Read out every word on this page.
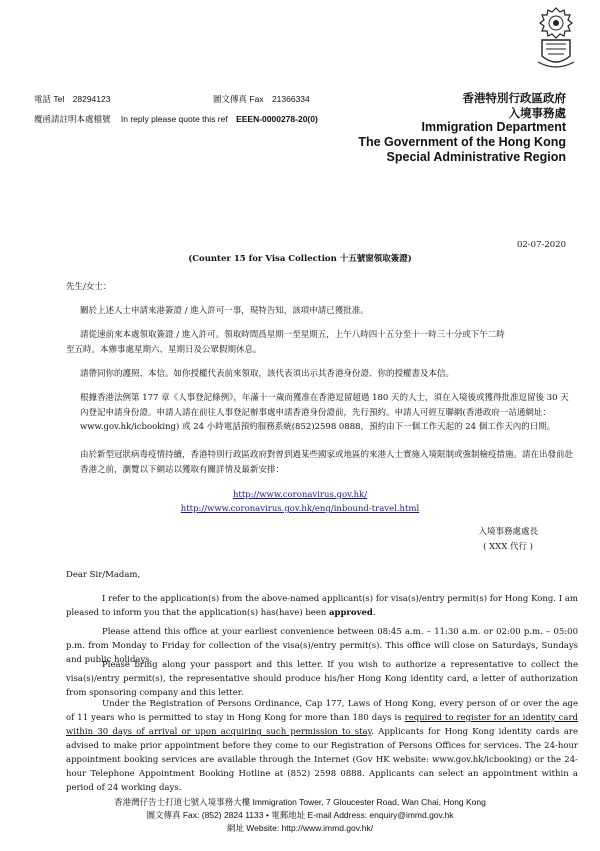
電話 Tel 28294123	圖文傳真 Fax 21366334
覆函請註明本處檔號 In reply please quote this ref EEEN-0000278-20(0)
香港特別行政區政府
入境事務處
Immigration Department
The Government of the Hong Kong
Special Administrative Region
02-07-2020
(Counter 15 for Visa Collection 十五號窗領取簽證)
先生/女士：
關於上述人士申請來港簽證 / 進入許可一事，現特告知，該項申請已獲批准。
請從速前來本處領取簽證 / 進入許可。領取時間爲星期一至星期五，上午八時四十五分至十一時三十分或下午二時
至五時。本辦事處星期六、星期日及公眾假期休息。
請帶同你的護照、本信。如你授權代表前來領取，該代表須出示其香港身份證、你的授權書及本信。
根據香港法例第 177 章《人事登記條例》，年滿十一歲而獲准在香港逗留超過 180 天的人士，須在入境後或獲得批准逗留後 30 天內登記申請身份證。申請人請在前往人事登記辦事處申請香港身份證前，先行預約。申請人可經互聯網(香港政府一站通網址：www.gov.hk/icbooking) 或 24 小時電話預約服務系統(852)2598 0888，預約由下一個工作天起的 24 個工作天內的日期。
由於新型冠狀病毒疫情持續，香港特別行政區政府對曾到過某些國家或地區的來港人士實施入境限制或強制檢疫措施。請在出發前赴香港之前，瀏覽以下網站以獲取有關詳情及最新安排：
http://www.coronavirus.gov.hk/
http://www.coronavirus.gov.hk/eng/inbound-travel.html
入境事務處處長
( XXX 代行 )
Dear Sir/Madam,
I refer to the application(s) from the above-named applicant(s) for visa(s)/entry permit(s) for Hong Kong. I am pleased to inform you that the application(s) has(have) been approved.
Please attend this office at your earliest convenience between 08:45 a.m. – 11:30 a.m. or 02:00 p.m. – 05:00 p.m. from Monday to Friday for collection of the visa(s)/entry permit(s). This office will close on Saturdays, Sundays and public holidays.
Please bring along your passport and this letter. If you wish to authorize a representative to collect the visa(s)/entry permit(s), the representative should produce his/her Hong Kong identity card, a letter of authorization from sponsoring company and this letter.
Under the Registration of Persons Ordinance, Cap 177, Laws of Hong Kong, every person of or over the age of 11 years who is permitted to stay in Hong Kong for more than 180 days is required to register for an identity card within 30 days of arrival or upon acquiring such permission to stay. Applicants for Hong Kong identity cards are advised to make prior appointment before they come to our Registration of Persons Offices for services. The 24-hour appointment booking services are available through the Internet (Gov HK website: www.gov.hk/icbooking) or the 24-hour Telephone Appointment Booking Hotline at (852) 2598 0888. Applicants can select an appointment within a period of 24 working days.
香港灣仔告士打道七號入境事務大樓 Immigration Tower, 7 Gloucester Road, Wan Chai, Hong Kong
圖文傳真 Fax: (852) 2824 1133 • 電郵地址 E-mail Address: enquiry@immd.gov.hk
網址 Website: http://www.immd.gov.hk/
